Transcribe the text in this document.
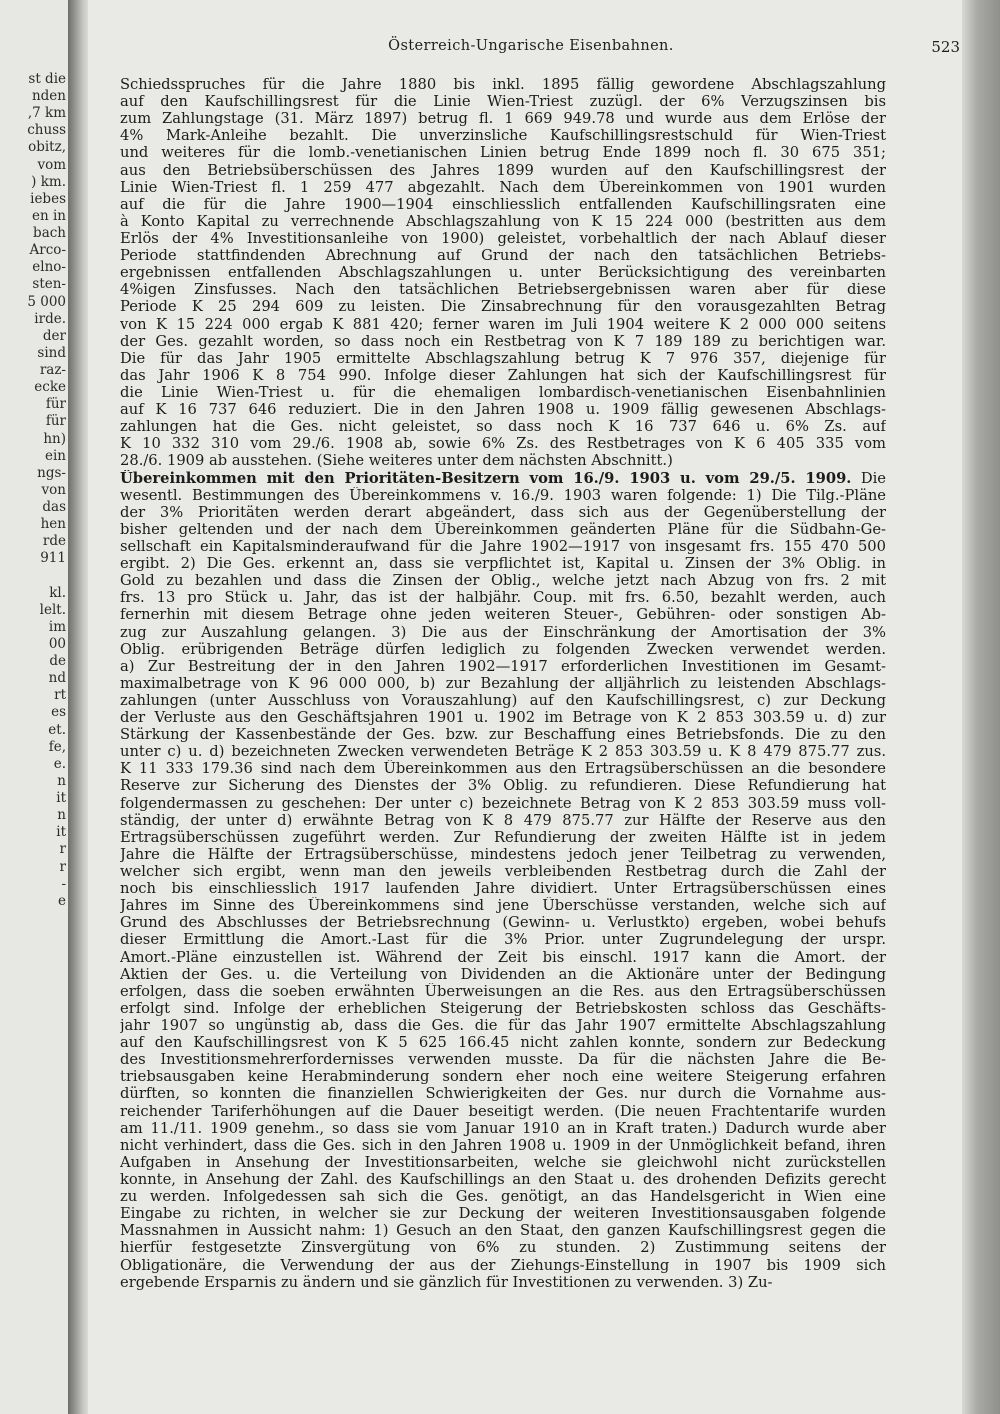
st die
nden
,7 km
chuss
obitz,
vom
) km.
iebes
en in
bach
Arco-
elno-
sten-
5 000
irde.
der
sind
raz-
ecke
für
für
hn)
ein
ngs-
von
das
hen
rde
911
kl.
lelt.
im
00
de
nd
rt
es
et.
fe,
e.
n
it
n
it
r
r
-
e
Österreich-Ungarische Eisenbahnen.	523
Schiedsspruches für die Jahre 1880 bis inkl. 1895 fällig gewordene Abschlagszahlung
auf den Kaufschillingsrest für die Linie Wien-Triest zuzügl. der 6% Verzugszinsen bis
zum Zahlungstage (31. März 1897) betrug fl. 1 669 949.78 und wurde aus dem Erlöse der
4% Mark-Anleihe bezahlt. Die unverzinsliche Kaufschillingsrestschuld für Wien-Triest
und weiteres für die lomb.-venetianischen Linien betrug Ende 1899 noch fl. 30 675 351;
aus den Betriebsüberschüssen des Jahres 1899 wurden auf den Kaufschillingsrest der
Linie Wien-Triest fl. 1 259 477 abgezahlt. Nach dem Übereinkommen von 1901 wurden
auf die für die Jahre 1900—1904 einschliesslich entfallenden Kaufschillingsraten eine
à Konto Kapital zu verrechnende Abschlagszahlung von K 15 224 000 (bestritten aus dem
Erlös der 4% Investitionsanleihe von 1900) geleistet, vorbehaltlich der nach Ablauf dieser
Periode stattfindenden Abrechnung auf Grund der nach den tatsächlichen Betriebs-
ergebnissen entfallenden Abschlagszahlungen u. unter Berücksichtigung des vereinbarten
4%igen Zinsfusses. Nach den tatsächlichen Betriebsergebnissen waren aber für diese
Periode K 25 294 609 zu leisten. Die Zinsabrechnung für den vorausgezahlten Betrag
von K 15 224 000 ergab K 881 420; ferner waren im Juli 1904 weitere K 2 000 000 seitens
der Ges. gezahlt worden, so dass noch ein Restbetrag von K 7 189 189 zu berichtigen war.
Die für das Jahr 1905 ermittelte Abschlagszahlung betrug K 7 976 357, diejenige für
das Jahr 1906 K 8 754 990. Infolge dieser Zahlungen hat sich der Kaufschillingsrest für
die Linie Wien-Triest u. für die ehemaligen lombardisch-venetianischen Eisenbahnlinien
auf K 16 737 646 reduziert. Die in den Jahren 1908 u. 1909 fällig gewesenen Abschlags-
zahlungen hat die Ges. nicht geleistet, so dass noch K 16 737 646 u. 6% Zs. auf
K 10 332 310 vom 29./6. 1908 ab, sowie 6% Zs. des Restbetrages von K 6 405 335 vom
28./6. 1909 ab ausstehen. (Siehe weiteres unter dem nächsten Abschnitt.)
Übereinkommen mit den Prioritäten-Besitzern vom 16./9. 1903 u. vom 29./5. 1909. Die
wesentl. Bestimmungen des Übereinkommens v. 16./9. 1903 waren folgende: 1) Die Tilg.-Pläne
der 3% Prioritäten werden derart abgeändert, dass sich aus der Gegenüberstellung der
bisher geltenden und der nach dem Übereinkommen geänderten Pläne für die Südbahn-Ge-
sellschaft ein Kapitalsminderaufwand für die Jahre 1902—1917 von insgesamt frs. 155 470 500
ergibt. 2) Die Ges. erkennt an, dass sie verpflichtet ist, Kapital u. Zinsen der 3% Oblig. in
Gold zu bezahlen und dass die Zinsen der Oblig., welche jetzt nach Abzug von frs. 2 mit
frs. 13 pro Stück u. Jahr, das ist der halbjähr. Coup. mit frs. 6.50, bezahlt werden, auch
fernerhin mit diesem Betrage ohne jeden weiteren Steuer-, Gebühren- oder sonstigen Ab-
zug zur Auszahlung gelangen. 3) Die aus der Einschränkung der Amortisation der 3%
Oblig. erübrigenden Beträge dürfen lediglich zu folgenden Zwecken verwendet werden.
a) Zur Bestreitung der in den Jahren 1902—1917 erforderlichen Investitionen im Gesamt-
maximalbetrage von K 96 000 000, b) zur Bezahlung der alljährlich zu leistenden Abschlags-
zahlungen (unter Ausschluss von Vorauszahlung) auf den Kaufschillingsrest, c) zur Deckung
der Verluste aus den Geschäftsjahren 1901 u. 1902 im Betrage von K 2 853 303.59 u. d) zur
Stärkung der Kassenbestände der Ges. bzw. zur Beschaffung eines Betriebsfonds. Die zu den
unter c) u. d) bezeichneten Zwecken verwendeten Beträge K 2 853 303.59 u. K 8 479 875.77 zus.
K 11 333 179.36 sind nach dem Übereinkommen aus den Ertragsüberschüssen an die besondere
Reserve zur Sicherung des Dienstes der 3% Oblig. zu refundieren. Diese Refundierung hat
folgendermassen zu geschehen: Der unter c) bezeichnete Betrag von K 2 853 303.59 muss voll-
ständig, der unter d) erwähnte Betrag von K 8 479 875.77 zur Hälfte der Reserve aus den
Ertragsüberschüssen zugeführt werden. Zur Refundierung der zweiten Hälfte ist in jedem
Jahre die Hälfte der Ertragsüberschüsse, mindestens jedoch jener Teilbetrag zu verwenden,
welcher sich ergibt, wenn man den jeweils verbleibenden Restbetrag durch die Zahl der
noch bis einschliesslich 1917 laufenden Jahre dividiert. Unter Ertragsüberschüssen eines
Jahres im Sinne des Übereinkommens sind jene Überschüsse verstanden, welche sich auf
Grund des Abschlusses der Betriebsrechnung (Gewinn- u. Verlustkto) ergeben, wobei behufs
dieser Ermittlung die Amort.-Last für die 3% Prior. unter Zugrundelegung der urspr.
Amort.-Pläne einzustellen ist. Während der Zeit bis einschl. 1917 kann die Amort. der
Aktien der Ges. u. die Verteilung von Dividenden an die Aktionäre unter der Bedingung
erfolgen, dass die soeben erwähnten Überweisungen an die Res. aus den Ertragsüberschüssen
erfolgt sind. Infolge der erheblichen Steigerung der Betriebskosten schloss das Geschäfts-
jahr 1907 so ungünstig ab, dass die Ges. die für das Jahr 1907 ermittelte Abschlagszahlung
auf den Kaufschillingsrest von K 5 625 166.45 nicht zahlen konnte, sondern zur Bedeckung
des Investitionsmehrerfordernisses verwenden musste. Da für die nächsten Jahre die Be-
triebsausgaben keine Herabminderung sondern eher noch eine weitere Steigerung erfahren
dürften, so konnten die finanziellen Schwierigkeiten der Ges. nur durch die Vornahme aus-
reichender Tariferhöhungen auf die Dauer beseitigt werden. (Die neuen Frachtentarife wurden
am 11./11. 1909 genehm., so dass sie vom Januar 1910 an in Kraft traten.) Dadurch wurde aber
nicht verhindert, dass die Ges. sich in den Jahren 1908 u. 1909 in der Unmöglichkeit befand, ihren
Aufgaben in Ansehung der Investitionsarbeiten, welche sie gleichwohl nicht zurückstellen
konnte, in Ansehung der Zahl. des Kaufschillings an den Staat u. des drohenden Defizits gerecht
zu werden. Infolgedessen sah sich die Ges. genötigt, an das Handelsgericht in Wien eine
Eingabe zu richten, in welcher sie zur Deckung der weiteren Investitionsausgaben folgende
Massnahmen in Aussicht nahm: 1) Gesuch an den Staat, den ganzen Kaufschillingsrest gegen die
hierfür festgesetzte Zinsvergütung von 6% zu stunden. 2) Zustimmung seitens der
Obligationäre, die Verwendung der aus der Ziehungs-Einstellung in 1907 bis 1909 sich
ergebende Ersparnis zu ändern und sie gänzlich für Investitionen zu verwenden. 3) Zu-
